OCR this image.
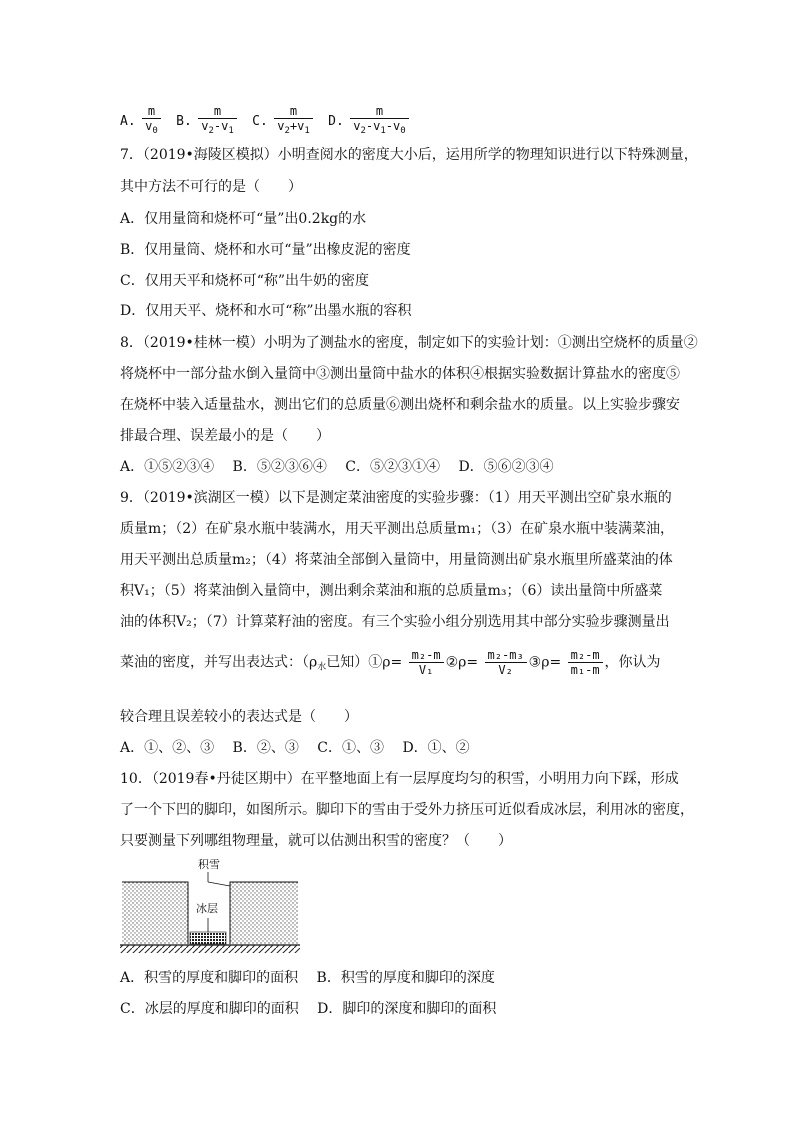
A. $\frac{m}{v_0} B$. $\frac{m}{v_2-v_1} C$. $\frac{m}{v_2+v_1} D$. $\frac{m}{v_2-v_1-v_0}$
7．（2019•海陵区模拟）小明查阅水的密度大小后，运用所学的物理知识进行以下特殊测量，
其中方法不可行的是（　　）
A．仅用量筒和烧杯可“量”出0.2kg的水
B．仅用量筒、烧杯和水可“量”出橡皮泥的密度
C．仅用天平和烧杯可“称”出牛奶的密度
D．仅用天平、烧杯和水可“称”出墨水瓶的容积
8．（2019•桂林一模）小明为了测盐水的密度，制定如下的实验计划：①测出空烧杯的质量②
将烧杯中一部分盐水倒入量筒中③测出量筒中盐水的体积④根据实验数据计算盐水的密度⑤
在烧杯中装入适量盐水，测出它们的总质量⑥测出烧杯和剩余盐水的质量。以上实验步骤安
排最合理、误差最小的是（　　）
A．①⑤②③④　 B．⑤②③⑥④　 C．⑤②③①④　 D．⑤⑥②③④
9．（2019•滨湖区一模）以下是测定菜油密度的实验步骤：（1）用天平测出空矿泉水瓶的
质量m；（2）在矿泉水瓶中装满水，用天平测出总质量m₁；（3）在矿泉水瓶中装满菜油，
用天平测出总质量m₂；（4）将菜油全部倒入量筒中，用量筒测出矿泉水瓶里所盛菜油的体
积V₁；（5）将菜油倒入量筒中，测出剩余菜油和瓶的总质量m₃；（6）读出量筒中所盛菜
油的体积V₂；（7）计算菜籽油的密度。有三个实验小组分别选用其中部分实验步骤测量出
菜油的密度，并写出表达式：（$\rho_水$已知）①ρ= $\frac{\text{m₂-m}}{\text{V₁}}$ ②ρ= $\frac{\text{m₂-m₃}}{\text{V₂}}$ ③ρ= $\frac{\text{m₂-m}}{\text{m₁-m}}$ ，你认为
较合理且误差较小的表达式是（　　）
A．①、②、③　 B．②、③　 C．①、③　 D．①、②
10．（2019春•丹徒区期中）在平整地面上有一层厚度均匀的积雪，小明用力向下踩，形成
了一个下凹的脚印，如图所示。脚印下的雪由于受外力挤压可近似看成冰层，利用冰的密度，
只要测量下列哪组物理量，就可以估测出积雪的密度？（　　）
积雪
冰层
A．积雪的厚度和脚印的面积　 B．积雪的厚度和脚印的深度
C．冰层的厚度和脚印的面积　 D．脚印的深度和脚印的面积
